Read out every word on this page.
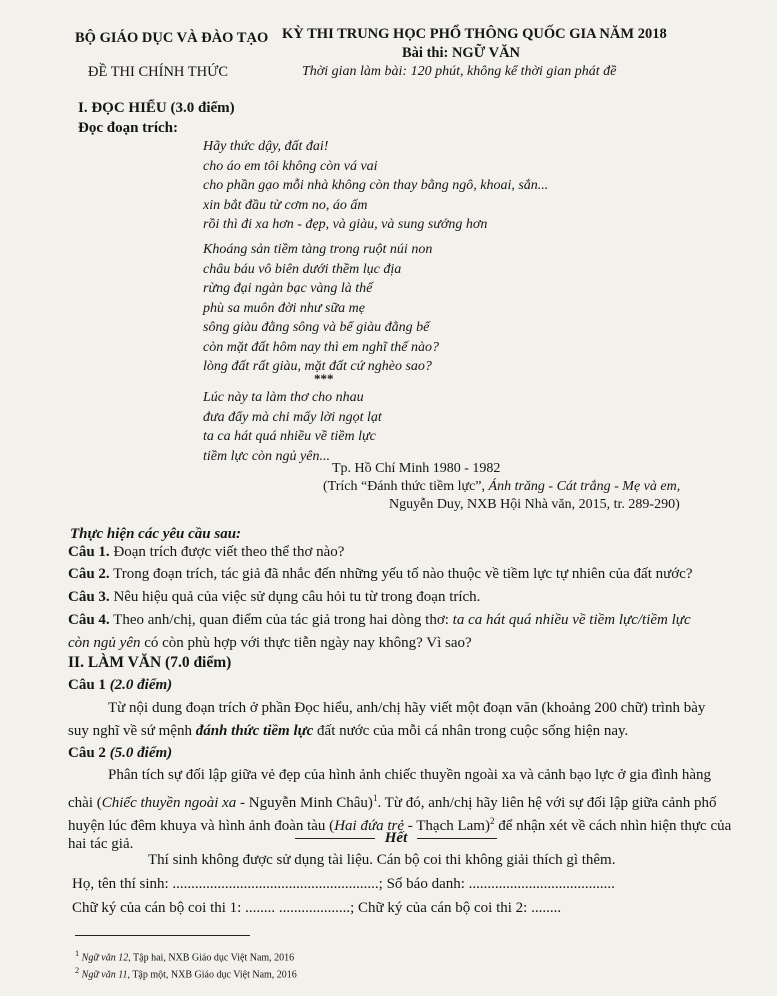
BỘ GIÁO DỤC VÀ ĐÀO TẠO KỲ THI TRUNG HỌC PHỔ THÔNG QUỐC GIA NĂM 2018
Bài thi: NGỮ VĂN
ĐỀ THI CHÍNH THỨC	Thời gian làm bài: 120 phút, không kể thời gian phát đề
I. ĐỌC HIỂU (3.0 điểm)
Đọc đoạn trích:
Hãy thức dậy, đất đai!
cho áo em tôi không còn vá vai
cho phần gạo mỗi nhà không còn thay bằng ngô, khoai, sắn...
xin bắt đầu từ cơm no, áo ấm
rồi thì đi xa hơn - đẹp, và giàu, và sung sướng hơn
Khoáng sản tiềm tàng trong ruột núi non
châu báu vô biên dưới thềm lục địa
rừng đại ngàn bạc vàng là thế
phù sa muôn đời như sữa mẹ
sông giàu đằng sông và bể giàu đằng bể
còn mặt đất hôm nay thì em nghĩ thế nào?
lòng đất rất giàu, mặt đất cứ nghèo sao?
***
Lúc này ta làm thơ cho nhau
đưa đẩy mà chi mấy lời ngọt lạt
ta ca hát quá nhiều về tiềm lực
tiềm lực còn ngủ yên...
Tp. Hồ Chí Minh 1980 - 1982
(Trích “Đánh thức tiềm lực”, Ánh trăng - Cát trắng - Mẹ và em,
Nguyễn Duy, NXB Hội Nhà văn, 2015, tr. 289-290)
Thực hiện các yêu cầu sau:
Câu 1. Đoạn trích được viết theo thể thơ nào?
Câu 2. Trong đoạn trích, tác giả đã nhắc đến những yếu tố nào thuộc về tiềm lực tự nhiên của đất nước?
Câu 3. Nêu hiệu quả của việc sử dụng câu hỏi tu từ trong đoạn trích.
Câu 4. Theo anh/chị, quan điểm của tác giả trong hai dòng thơ: ta ca hát quá nhiều về tiềm lực/tiềm lực
còn ngủ yên có còn phù hợp với thực tiễn ngày nay không? Vì sao?
II. LÀM VĂN (7.0 điểm)
Câu 1 (2.0 điểm)
Từ nội dung đoạn trích ở phần Đọc hiểu, anh/chị hãy viết một đoạn văn (khoảng 200 chữ) trình bày
suy nghĩ về sứ mệnh đánh thức tiềm lực đất nước của mỗi cá nhân trong cuộc sống hiện nay.
Câu 2 (5.0 điểm)
Phân tích sự đối lập giữa vẻ đẹp của hình ảnh chiếc thuyền ngoài xa và cảnh bạo lực ở gia đình hàng
chài (Chiếc thuyền ngoài xa - Nguyễn Minh Châu)$^1$. Từ đó, anh/chị hãy liên hệ với sự đối lập giữa cảnh phố
huyện lúc đêm khuya và hình ảnh đoàn tàu (Hai đứa trẻ - Thạch Lam)$^2$ để nhận xét về cách nhìn hiện thực của
hai tác giả.	Hết
Thí sinh không được sử dụng tài liệu. Cán bộ coi thi không giải thích gì thêm.
Họ, tên thí sinh: .......................................................; Số báo danh: .......................................
Chữ ký của cán bộ coi thi 1: ........ ...................; Chữ ký của cán bộ coi thi 2: ........
$^1$ Ngữ văn 12, Tập hai, NXB Giáo dục Việt Nam, 2016
$^2$ Ngữ văn 11, Tập một, NXB Giáo dục Việt Nam, 2016
